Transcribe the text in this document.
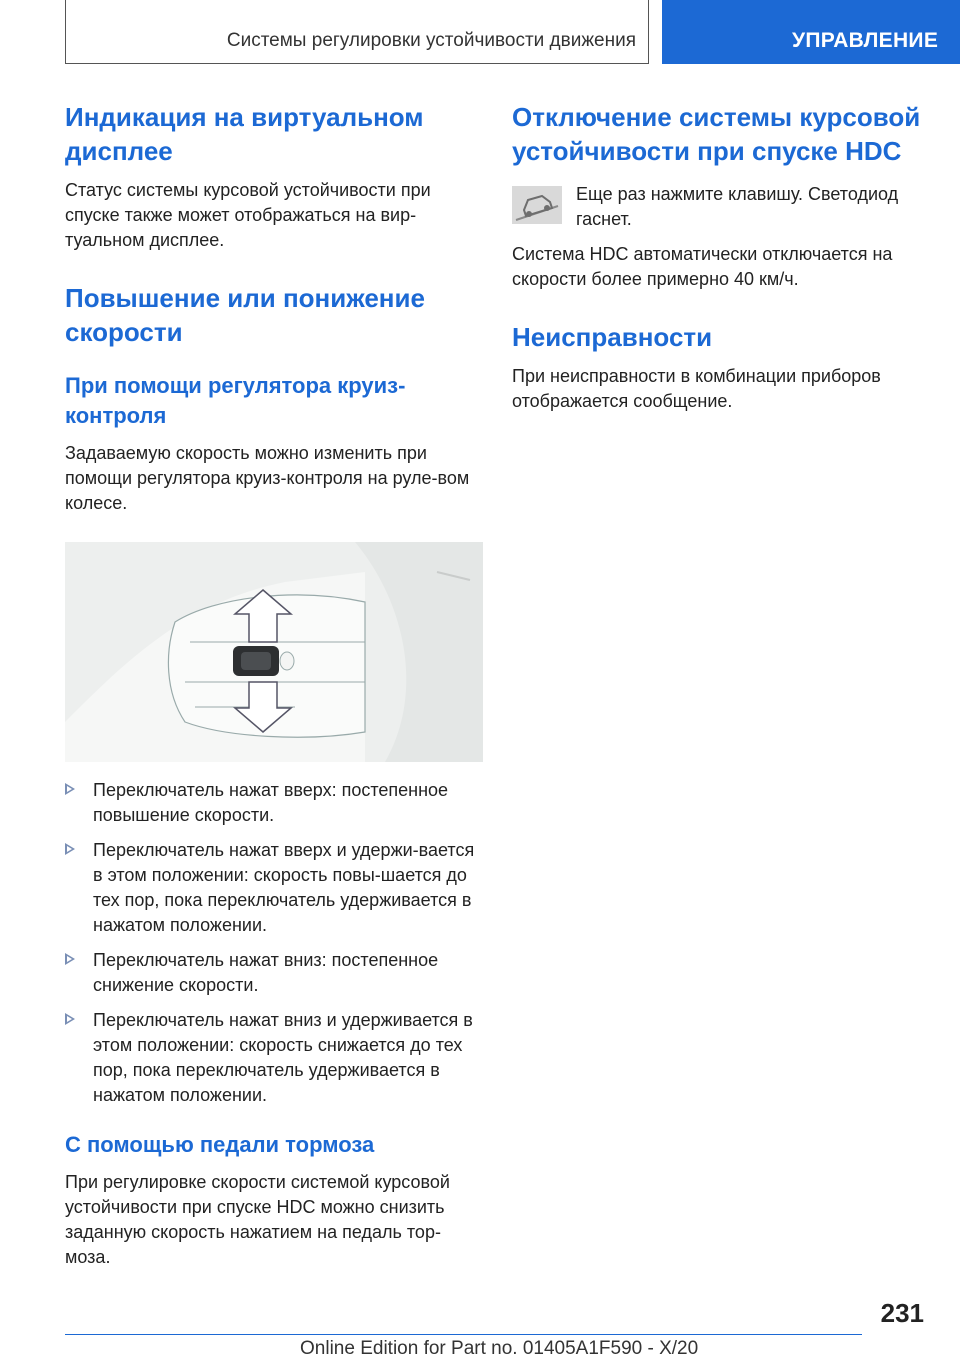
Системы регулировки устойчивости движения	УПРАВЛЕНИЕ
Индикация на виртуальном дисплее

Статус системы курсовой устойчивости при спуске также может отображаться на вир-туальном дисплее.

Повышение или понижение скорости
При помощи регулятора круиз-контроля

Задаваемую скорость можно изменить при помощи регулятора круиз-контроля на руле-вом колесе.

Переключатель нажат вверх: постепенное повышение скорости.
Переключатель нажат вверх и удержи-вается в этом положении: скорость повы-шается до тех пор, пока переключатель удерживается в нажатом положении.
Переключатель нажат вниз: постепенное снижение скорости.
Переключатель нажат вниз и удерживается в этом положении: скорость снижается до тех пор, пока переключатель удерживается в нажатом положении.
С помощью педали тормоза

При регулировке скорости системой курсовой устойчивости при спуске HDC можно снизить заданную скорость нажатием на педаль тор-моза.

Отключение системы курсовой устойчивости при спуске HDC

Еще раз нажмите клавишу. Светодиод гаснет.

Система HDC автоматически отключается на скорости более примерно 40 км/ч.

Неисправности

При неисправности в комбинации приборов отображается сообщение.

231
Online Edition for Part no. 01405A1F590 - X/20
